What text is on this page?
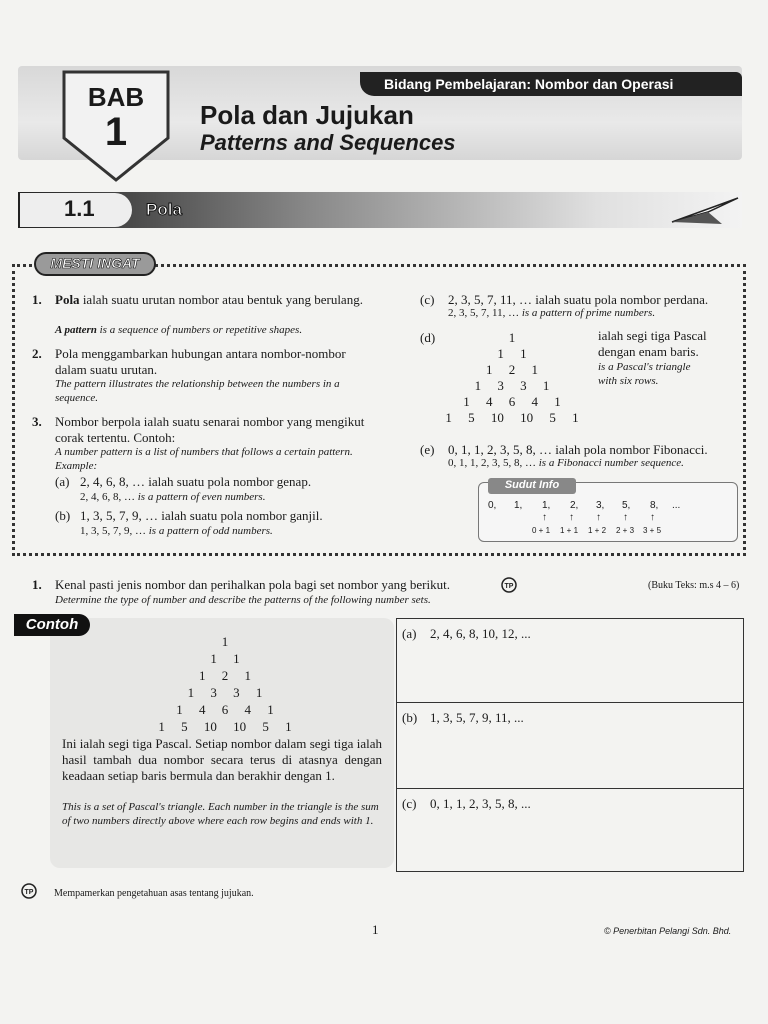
Bidang Pembelajaran: Nombor dan Operasi
BAB
1	Pola dan Jujukan
Patterns and Sequences
1.1	Pola
MESTI INGAT
1. Pola ialah suatu urutan nombor atau bentuk yang berulang.
A pattern is a sequence of numbers or repetitive shapes.
2. Pola menggambarkan hubungan antara nombor-nombor dalam suatu urutan.
The pattern illustrates the relationship between the numbers in a sequence.
3. Nombor berpola ialah suatu senarai nombor yang mengikut corak tertentu. Contoh:
A number pattern is a list of numbers that follows a certain pattern. Example:
(a) 2, 4, 6, 8, … ialah suatu pola nombor genap.
2, 4, 6, 8, … is a pattern of even numbers.
(b) 1, 3, 5, 7, 9, … ialah suatu pola nombor ganjil.
1, 3, 5, 7, 9, … is a pattern of odd numbers.
(c) 2, 3, 5, 7, 11, … ialah suatu pola nombor perdana.
2, 3, 5, 7, 11, … is a pattern of prime numbers.
(d)	1
1     1
1     2     1
1     3     3     1
1     4     6     4     1
1     5     10     10     5     1
ialah segi tiga Pascal
dengan enam baris.
is a Pascal's triangle
with six rows.
(e) 0, 1, 1, 2, 3, 5, 8, … ialah pola nombor Fibonacci.
0, 1, 1, 2, 3, 5, 8, … is a Fibonacci number sequence.
Sudut Info
0, 1, 1, 2, 3, 5, 8, ...
↑ ↑ ↑ ↑ ↑
0 + 1 1 + 1 1 + 2 2 + 3 3 + 5
1. Kenal pasti jenis nombor dan perihalkan pola bagi set nombor yang berikut.	TP
Determine the type of number and describe the patterns of the following number sets.
(Buku Teks: m.s 4 – 6)
Contoh
1
1     1
1     2     1
1     3     3     1
1     4     6     4     1
1     5     10     10     5     1
Ini ialah segi tiga Pascal. Setiap nombor dalam segi tiga ialah hasil tambah dua nombor secara terus di atasnya dengan keadaan setiap baris bermula dan berakhir dengan 1.
This is a set of Pascal's triangle. Each number in the triangle is the sum of two numbers directly above where each row begins and ends with 1.
(a) 2, 4, 6, 8, 10, 12, ...
(b) 1, 3, 5, 7, 9, 11, ...
(c) 0, 1, 1, 2, 3, 5, 8, ...
TP Mempamerkan pengetahuan asas tentang jujukan.
1	© Penerbitan Pelangi Sdn. Bhd.
